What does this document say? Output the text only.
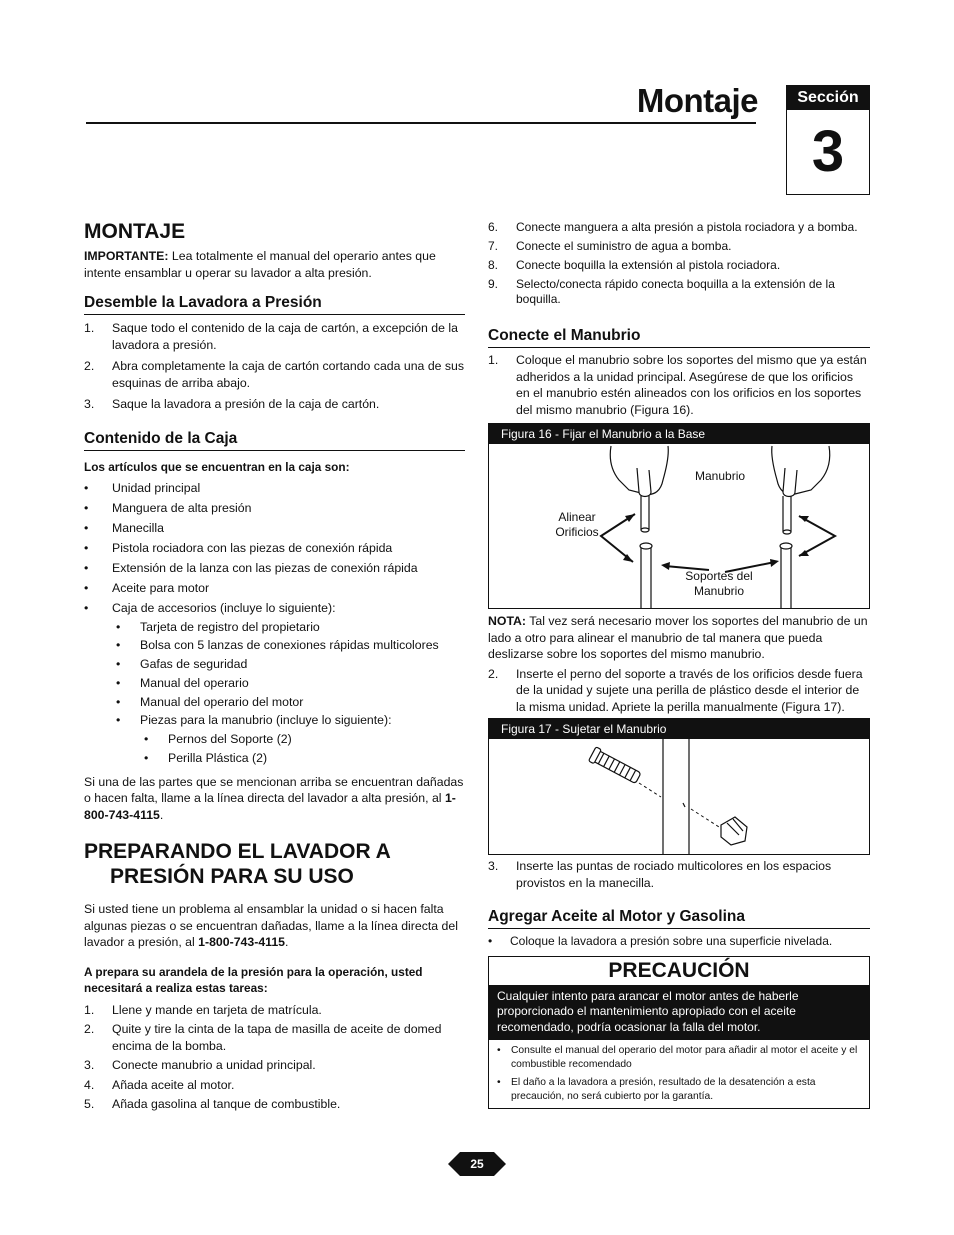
Montaje	Sección
3
MONTAJE

IMPORTANTE: Lea totalmente el manual del operario antes que intente ensamblar u operar su lavador a alta presión.

Desemble la Lavadora a Presión
1. Saque todo el contenido de la caja de cartón, a excepción de la lavadora a presión.
2. Abra completamente la caja de cartón cortando cada una de sus esquinas de arriba abajo.
3. Saque la lavadora a presión de la caja de cartón.
Contenido de la Caja

Los artículos que se encuentran en la caja son:

• Unidad principal
• Manguera de alta presión
• Manecilla
• Pistola rociadora con las piezas de conexión rápida
• Extensión de la lanza con las piezas de conexión rápida
• Aceite para motor
• Caja de accesorios (incluye lo siguiente):
• Tarjeta de registro del propietario
• Bolsa con 5 lanzas de conexiones rápidas multicolores
• Gafas de seguridad
• Manual del operario
• Manual del operario del motor
• Piezas para la manubrio (incluye lo siguiente):
• Pernos del Soporte (2)
• Perilla Plástica (2)

Si una de las partes que se mencionan arriba se encuentran dañadas o hacen falta, llame a la línea directa del lavador a alta presión, al 1-800-743-4115.

PREPARANDO EL LAVADOR A
PRESIÓN PARA SU USO

Si usted tiene un problema al ensamblar la unidad o si hacen falta algunas piezas o se encuentran dañadas, llame a la línea directa del lavador a presión, al 1-800-743-4115.

A prepara su arandela de la presión para la operación, usted necesitará a realiza estas tareas:

1. Llene y mande en tarjeta de matrícula.
2. Quite y tire la cinta de la tapa de masilla de aceite de domed encima de la bomba.
3. Conecte manubrio a unidad principal.
4. Añada aceite al motor.
5. Añada gasolina al tanque de combustible.
6. Conecte manguera a alta presión a pistola rociadora y a bomba.
7. Conecte el suministro de agua a bomba.
8. Conecte boquilla la extensión al pistola rociadora.
9. Selecto/conecta rápido conecta boquilla a la extensión de la boquilla.
Conecte el Manubrio
1. Coloque el manubrio sobre los soportes del mismo que ya están adheridos a la unidad principal. Asegúrese de que los orificios en el manubrio estén alineados con los orificios en los soportes del mismo manubrio (Figura 16).
Figura 16 - Fijar el Manubrio a la Base
Manubrio
Alinear
Orificios
Soportes del
Manubrio

NOTA: Tal vez será necesario mover los soportes del manubrio de un lado a otro para alinear el manubrio de tal manera que pueda deslizarse sobre los soportes del mismo manubrio.

2. Inserte el perno del soporte a través de los orificios desde fuera de la unidad y sujete una perilla de plástico desde el interior de la misma unidad. Apriete la perilla manualmente (Figura 17).
Figura 17 - Sujetar el Manubrio
3. Inserte las puntas de rociado multicolores en los espacios provistos en la manecilla.
Agregar Aceite al Motor y Gasolina
• Coloque la lavadora a presión sobre una superficie nivelada.
PRECAUCIÓN
Cualquier intento para arancar el motor antes de haberle proporcionado el mantenimiento apropiado con el aceite recomendado, podría ocasionar la falla del motor.
• Consulte el manual del operario del motor para añadir al motor el aceite y el combustible recomendado
• El daño a la lavadora a presión, resultado de la desatención a esta precaución, no será cubierto por la garantía.
25
